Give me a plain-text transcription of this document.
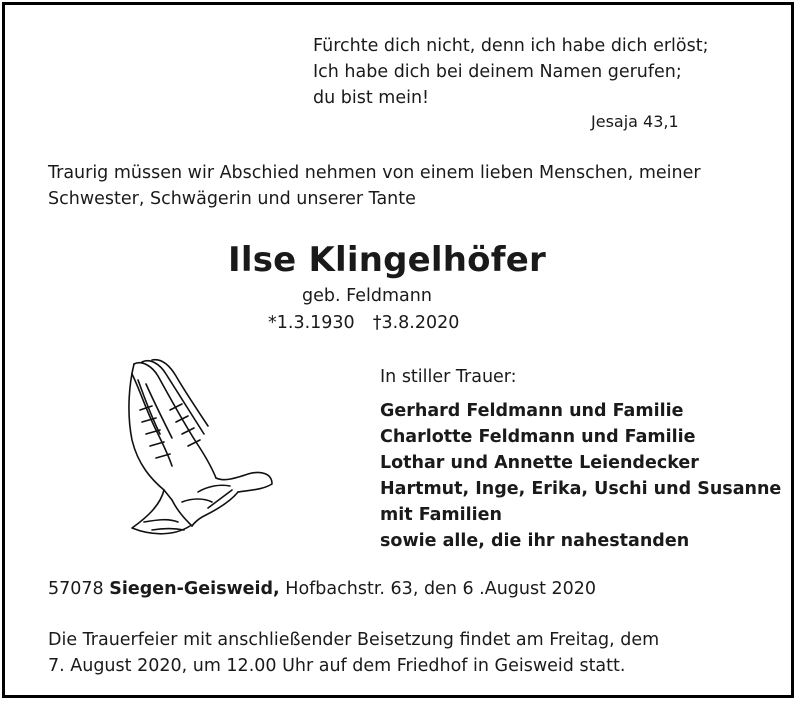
Fürchte dich nicht, denn ich habe dich erlöst;
Ich habe dich bei deinem Namen gerufen;
du bist mein!
Jesaja 43,1
Traurig müssen wir Abschied nehmen von einem lieben Menschen, meiner
Schwester, Schwägerin und unserer Tante
Ilse Klingelhöfer
geb. Feldmann
*1.3.1930 †3.8.2020
In stiller Trauer:
Gerhard Feldmann und Familie
Charlotte Feldmann und Familie
Lothar und Annette Leiendecker
Hartmut, Inge, Erika, Uschi und Susanne
mit Familien
sowie alle, die ihr nahestanden
57078 Siegen-Geisweid, Hofbachstr. 63, den 6 .August 2020
Die Trauerfeier mit anschließender Beisetzung findet am Freitag, dem
7. August 2020, um 12.00 Uhr auf dem Friedhof in Geisweid statt.
